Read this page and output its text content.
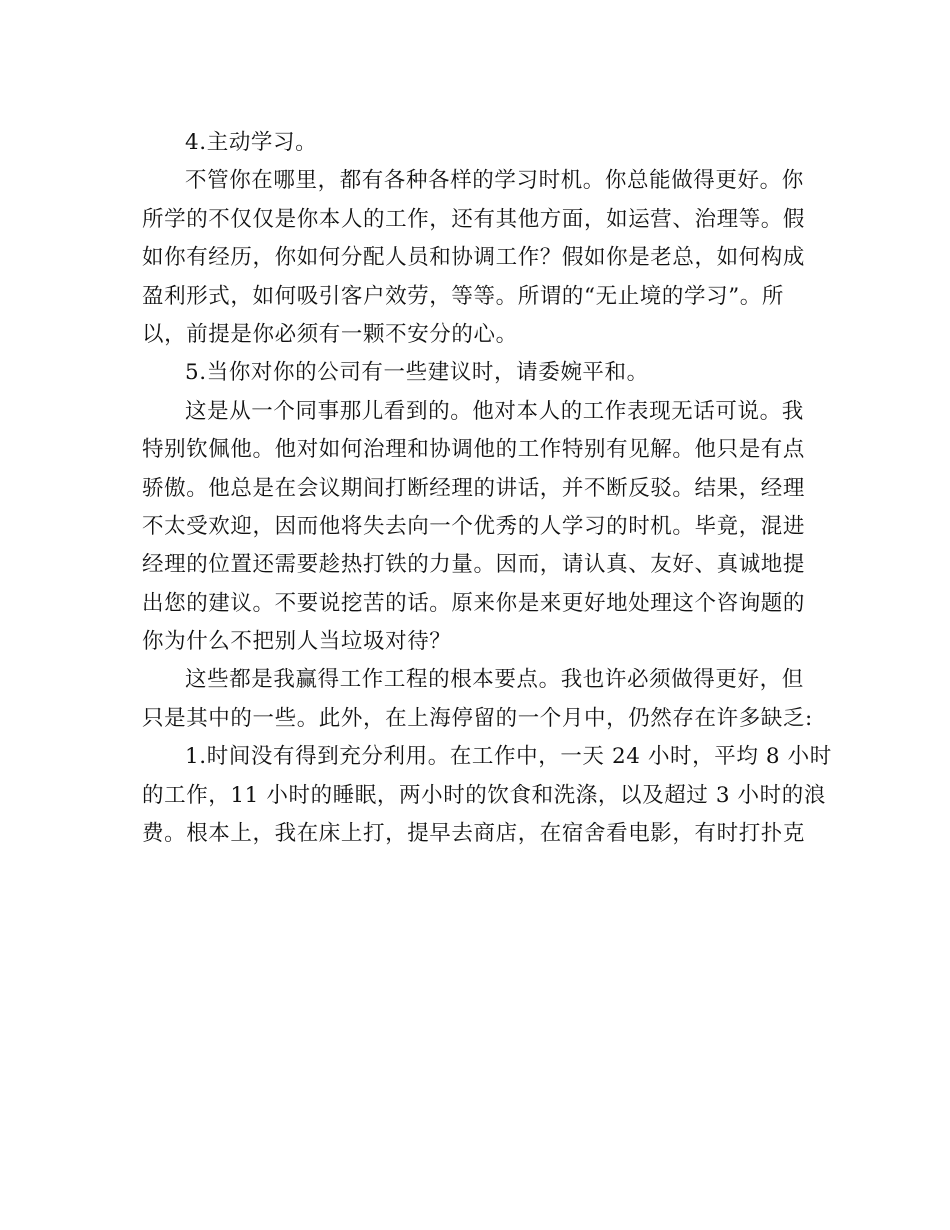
4.主动学习。
不管你在哪里，都有各种各样的学习时机。你总能做得更好。你
所学的不仅仅是你本人的工作，还有其他方面，如运营、治理等。假
如你有经历，你如何分配人员和协调工作？假如你是老总，如何构成
盈利形式，如何吸引客户效劳，等等。所谓的“无止境的学习”。所
以，前提是你必须有一颗不安分的心。
5.当你对你的公司有一些建议时，请委婉平和。
这是从一个同事那儿看到的。他对本人的工作表现无话可说。我
特别钦佩他。他对如何治理和协调他的工作特别有见解。他只是有点
骄傲。他总是在会议期间打断经理的讲话，并不断反驳。结果，经理
不太受欢迎，因而他将失去向一个优秀的人学习的时机。毕竟，混进
经理的位置还需要趁热打铁的力量。因而，请认真、友好、真诚地提
出您的建议。不要说挖苦的话。原来你是来更好地处理这个咨询题的
你为什么不把别人当垃圾对待？
这些都是我赢得工作工程的根本要点。我也许必须做得更好，但
只是其中的一些。此外，在上海停留的一个月中，仍然存在许多缺乏:
1.时间没有得到充分利用。在工作中，一天 24 小时，平均 8 小时
的工作，11 小时的睡眠，两小时的饮食和洗涤，以及超过 3 小时的浪
费。根本上，我在床上打，提早去商店，在宿舍看电影，有时打扑克
